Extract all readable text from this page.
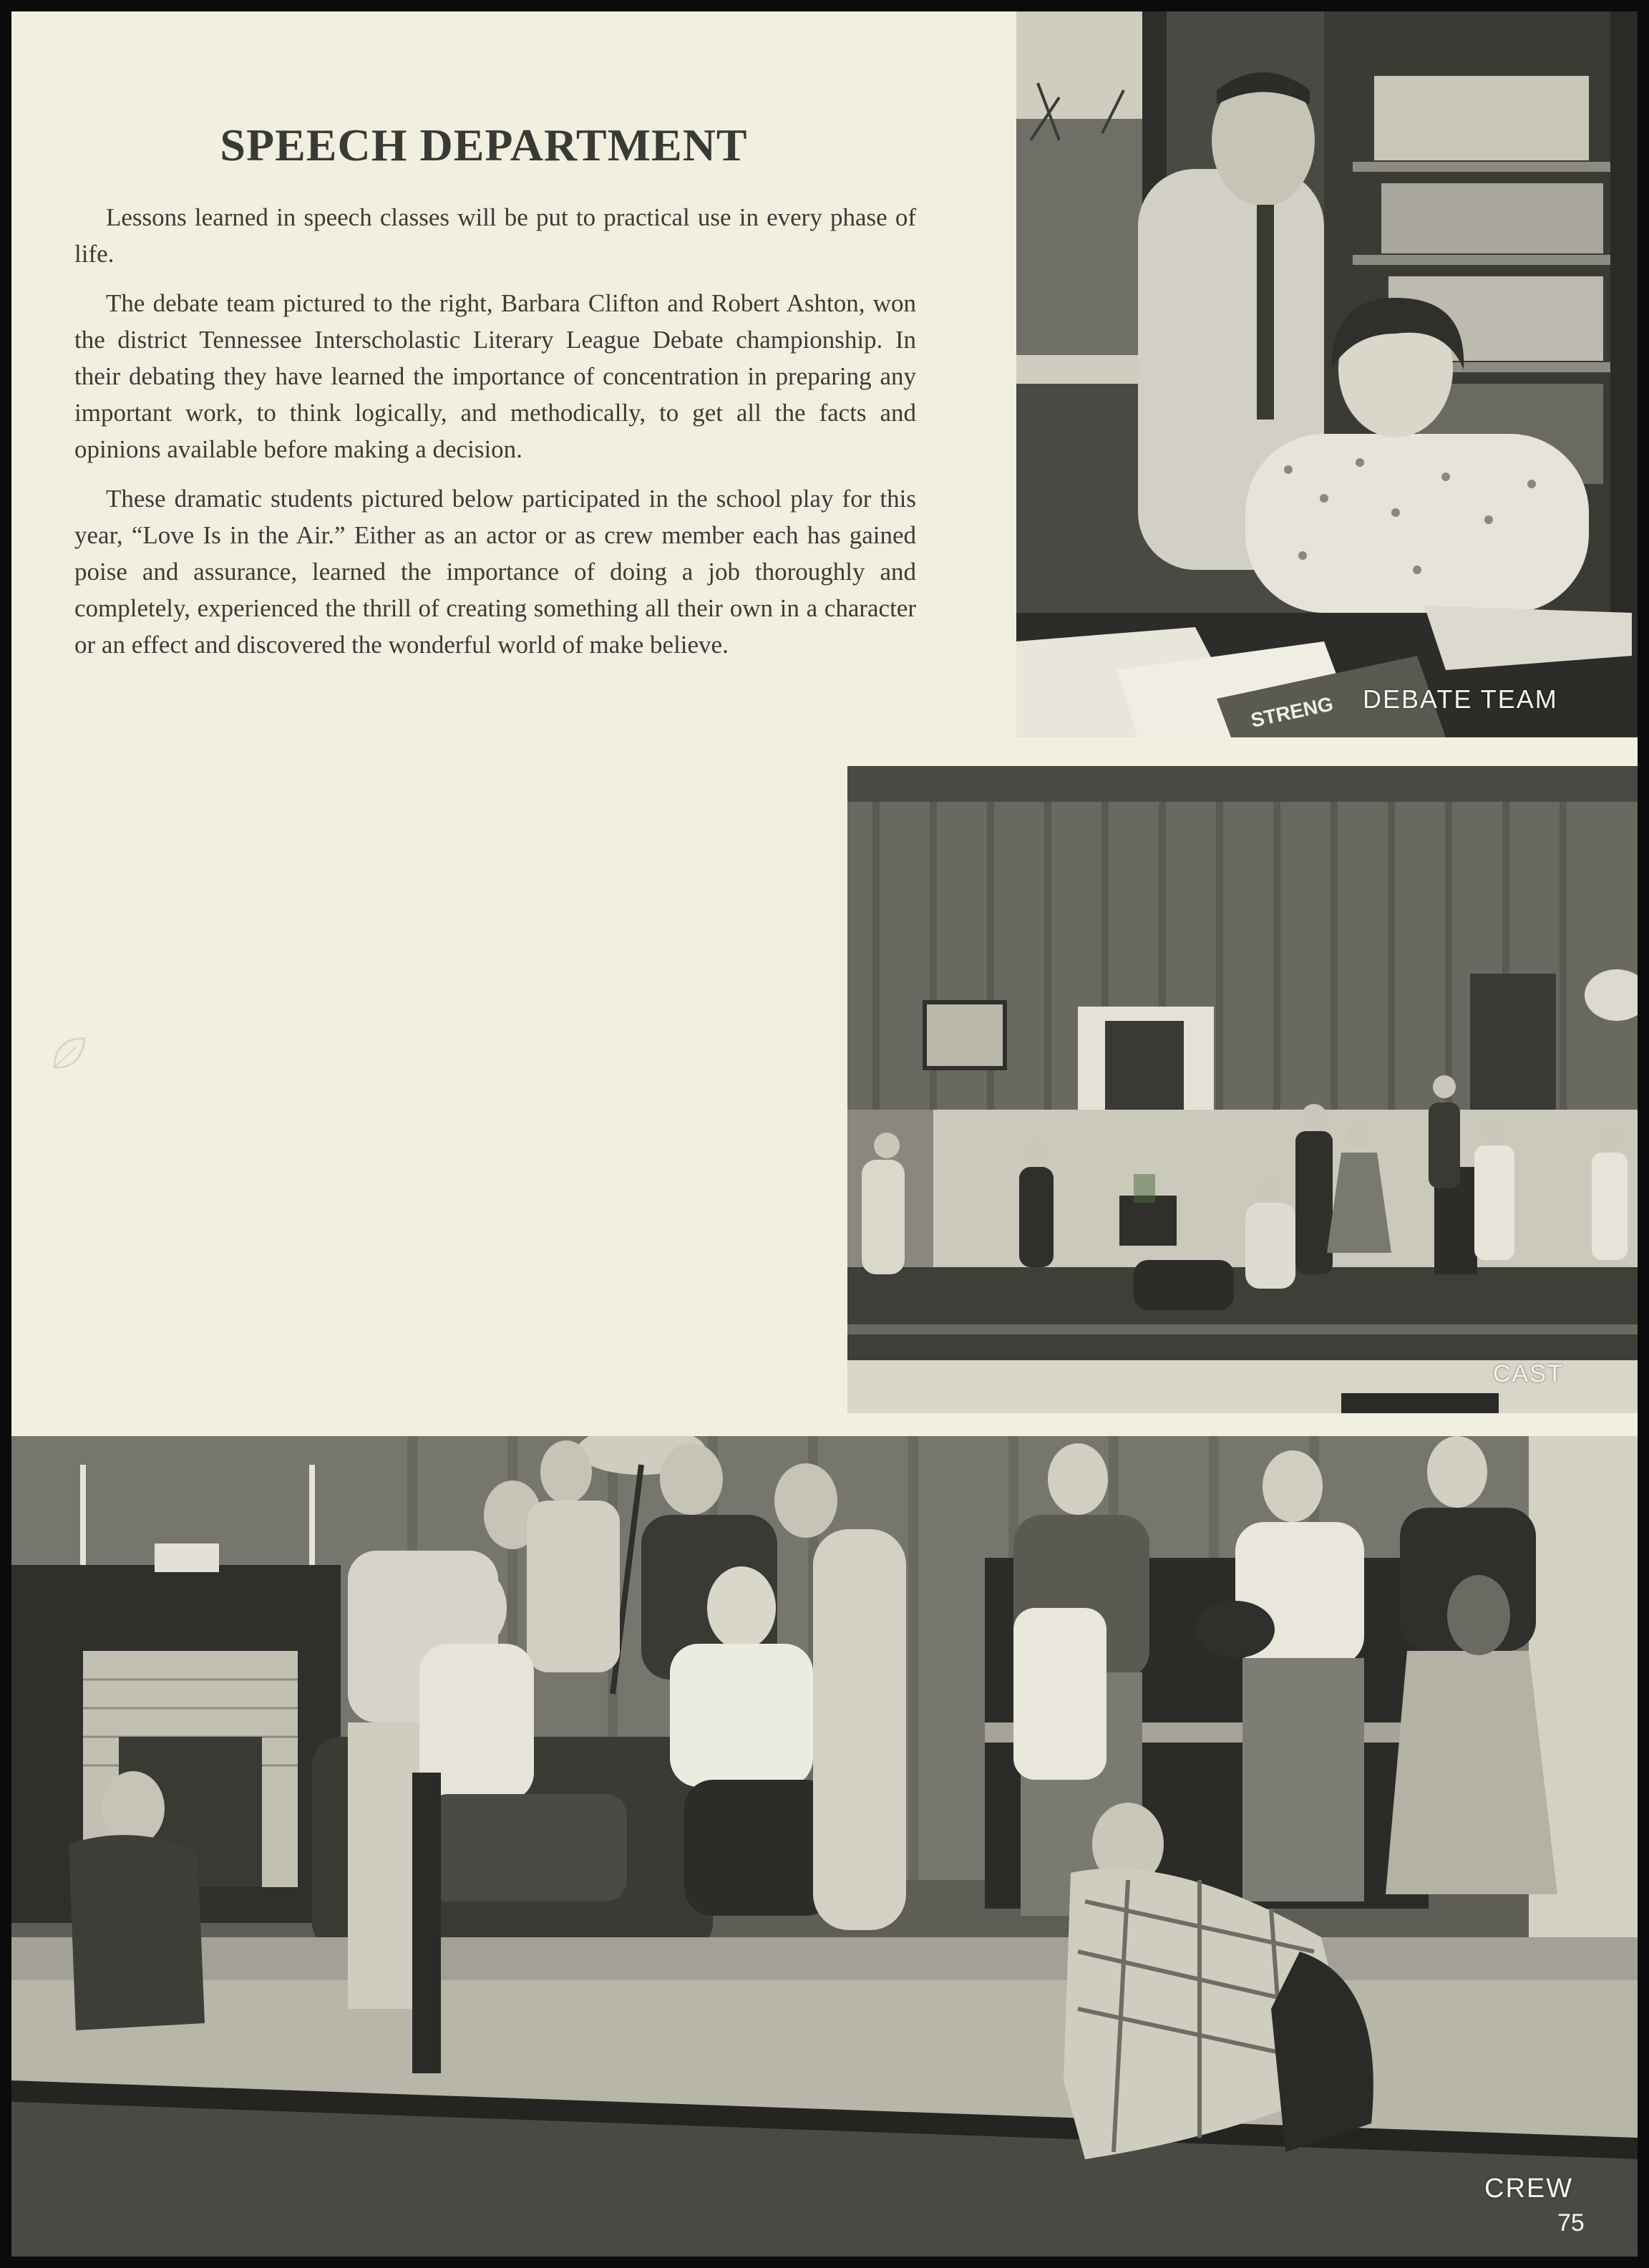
SPEECH DEPARTMENT

Lessons learned in speech classes will be put to practical use in every phase of life.

The debate team pictured to the right, Barbara Clifton and Robert Ashton, won the district Tennessee Interscholastic Literary League Debate championship. In their debating they have learned the importance of concentration in preparing any important work, to think logically, and methodically, to get all the facts and opinions available before making a decision.

These dramatic students pictured below participated in the school play for this year, “Love Is in the Air.” Either as an actor or as crew member each has gained poise and assurance, learned the importance of doing a job thoroughly and completely, experienced the thrill of creating something all their own in a character or an effect and discovered the wonderful world of make believe.

STRENG DEBATE TEAM
CAST
CREW
75
